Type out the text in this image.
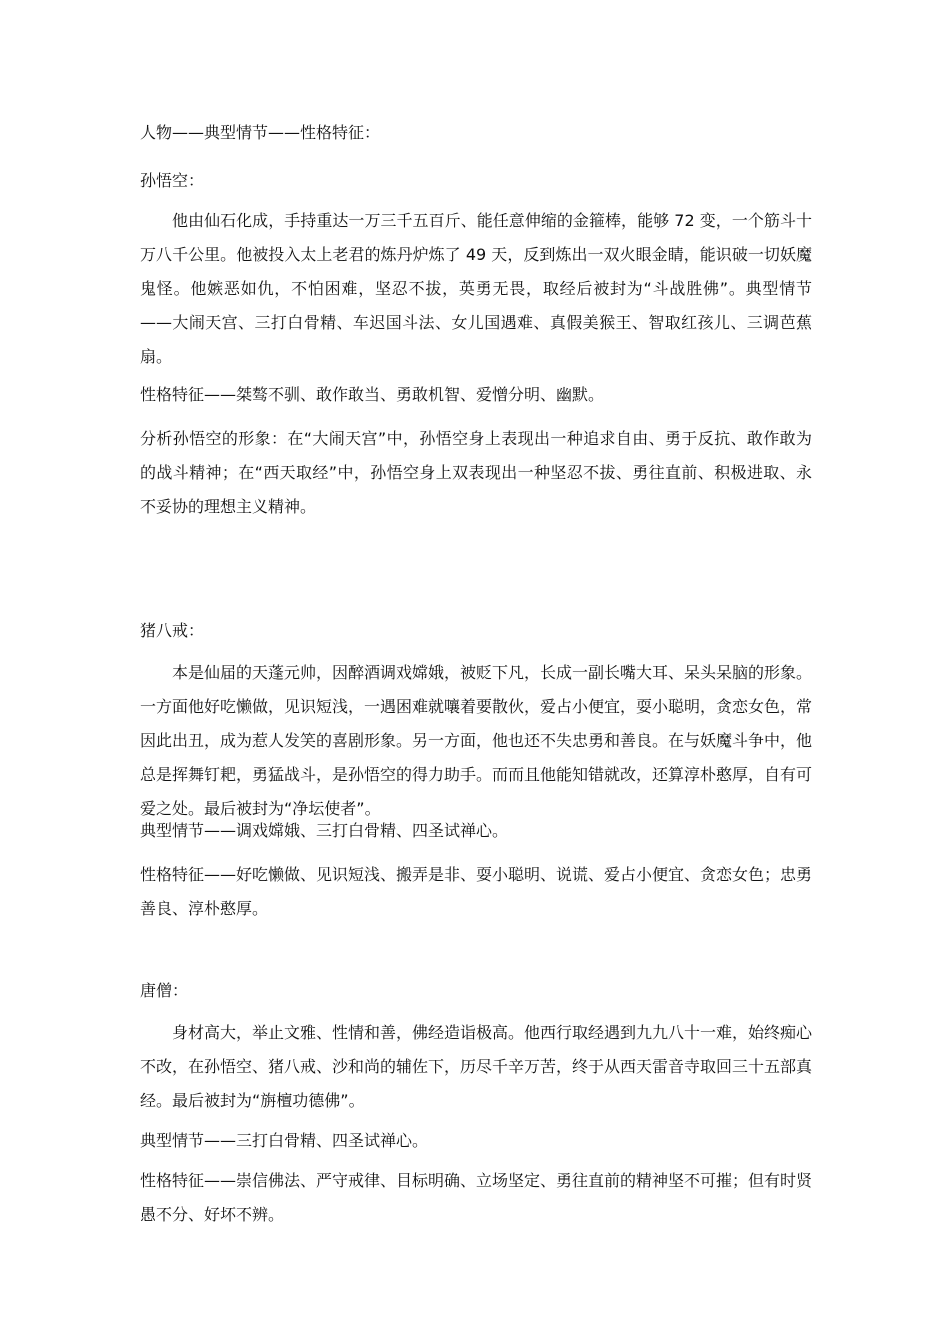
人物——典型情节——性格特征：

孙悟空：

他由仙石化成，手持重达一万三千五百斤、能任意伸缩的金箍棒，能够 72 变，一个筋斗十万八千公里。他被投入太上老君的炼丹炉炼了 49 天，反到炼出一双火眼金睛，能识破一切妖魔鬼怪。他嫉恶如仇，不怕困难，坚忍不拔，英勇无畏，取经后被封为“斗战胜佛”。典型情节——大闹天宫、三打白骨精、车迟国斗法、女儿国遇难、真假美猴王、智取红孩儿、三调芭蕉扇。

性格特征——桀骜不驯、敢作敢当、勇敢机智、爱憎分明、幽默。

分析孙悟空的形象：在“大闹天宫”中，孙悟空身上表现出一种追求自由、勇于反抗、敢作敢为的战斗精神；在“西天取经”中，孙悟空身上双表现出一种坚忍不拔、勇往直前、积极进取、永不妥协的理想主义精神。

猪八戒：

本是仙届的天蓬元帅，因醉酒调戏嫦娥，被贬下凡，长成一副长嘴大耳、呆头呆脑的形象。一方面他好吃懒做，见识短浅，一遇困难就嚷着要散伙，爱占小便宜，耍小聪明，贪恋女色，常因此出丑，成为惹人发笑的喜剧形象。另一方面，他也还不失忠勇和善良。在与妖魔斗争中，他总是挥舞钉耙，勇猛战斗，是孙悟空的得力助手。而而且他能知错就改，还算淳朴憨厚，自有可爱之处。最后被封为“净坛使者”。

典型情节——调戏嫦娥、三打白骨精、四圣试禅心。

性格特征——好吃懒做、见识短浅、搬弄是非、耍小聪明、说谎、爱占小便宜、贪恋女色；忠勇善良、淳朴憨厚。

唐僧：

身材高大，举止文雅、性情和善，佛经造诣极高。他西行取经遇到九九八十一难，始终痴心不改，在孙悟空、猪八戒、沙和尚的辅佐下，历尽千辛万苦，终于从西天雷音寺取回三十五部真经。最后被封为“旃檀功德佛”。

典型情节——三打白骨精、四圣试禅心。

性格特征——崇信佛法、严守戒律、目标明确、立场坚定、勇往直前的精神坚不可摧；但有时贤愚不分、好坏不辨。
